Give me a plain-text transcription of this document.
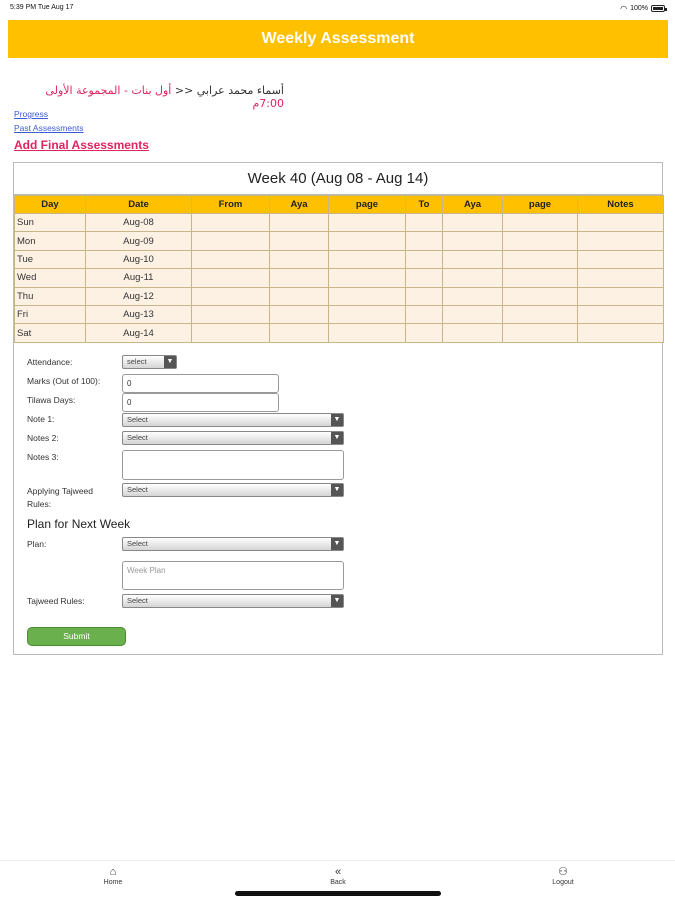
5:39 PM Tue Aug 17	◠ 100%
Weekly Assessment
أسماء محمد عرابي << أول بنات - المجموعة الأولى 7:00م
Progress
Past Assessments
Add Final Assessments
Week 40 (Aug 08 - Aug 14)
Day	Date	From	Aya	page	To	Aya	page	Notes
Sun	Aug-08							
Mon	Aug-09							
Tue	Aug-10							
Wed	Aug-11							
Thu	Aug-12							
Fri	Aug-13							
Sat	Aug-14							
Attendance:	select	▼
Marks (Out of 100):	0
Tilawa Days:	0
Note 1:	Select	▼
Notes 2:	Select	▼
Notes 3:
Applying Tajweed Rules:
Select	▼
Plan for Next Week
Plan:	Select	▼
Week Plan
Tajweed Rules:	Select	▼
Submit
⌂
Home
«
Back
⚇
Logout
